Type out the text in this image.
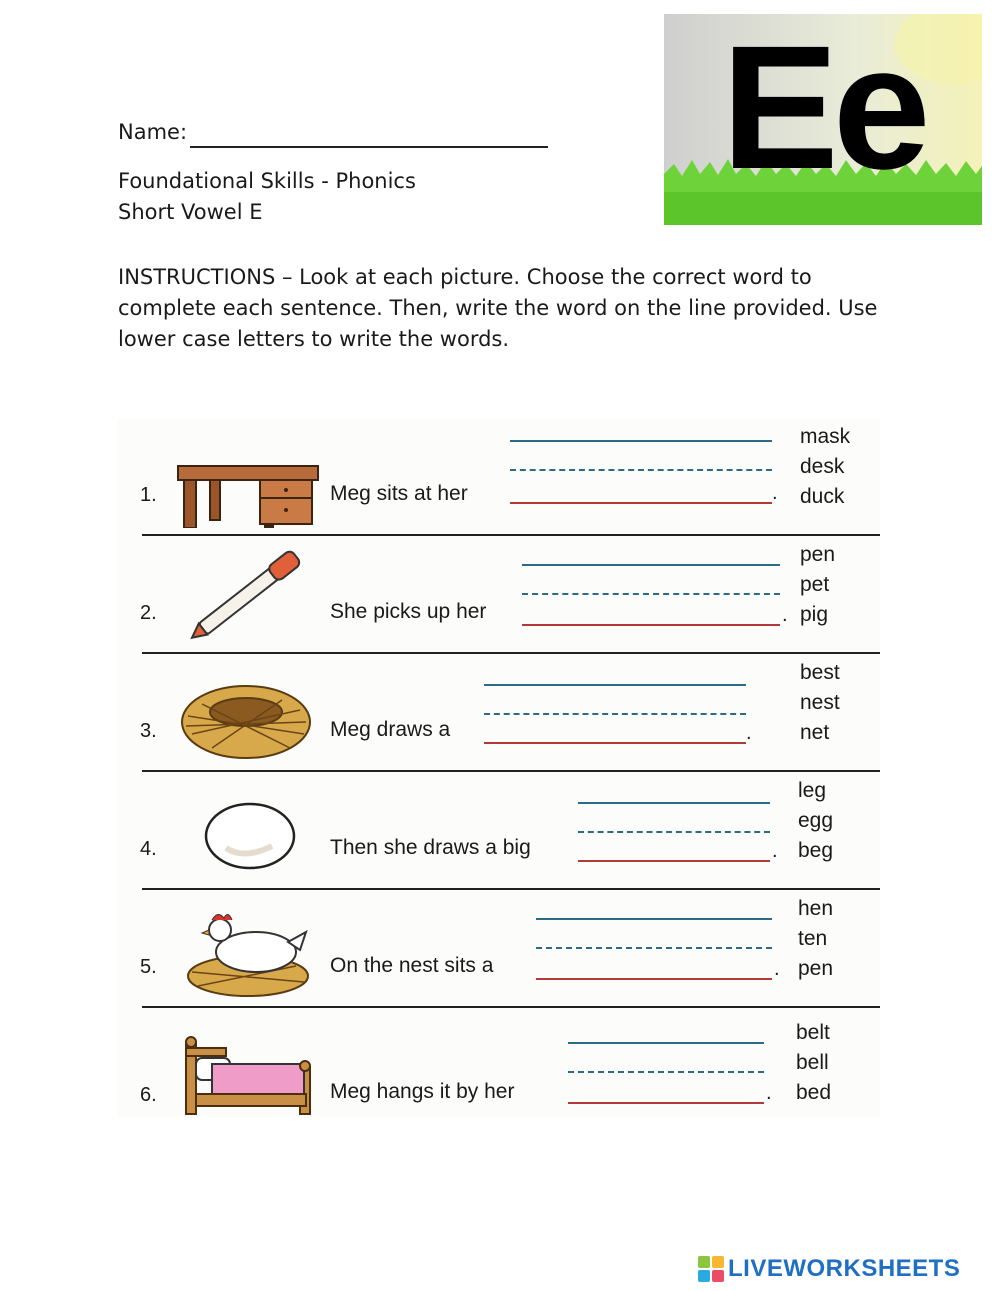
Name:
Foundational Skills - Phonics
Short Vowel E
Ee
INSTRUCTIONS – Look at each picture. Choose the correct word to complete each sentence. Then, write the word on the line provided. Use lower case letters to write the words.
1.	Meg sits at her	.
mask
desk
duck
2.	She picks up her	.
pen
pet
pig
3.	Meg draws a	.
best
nest
net
4.	Then she draws a big	.
leg
egg
beg
5.	On the nest sits a	.
hen
ten
pen
6.	Meg hangs it by her	.
belt
bell
bed
LIVEWORKSHEETS
